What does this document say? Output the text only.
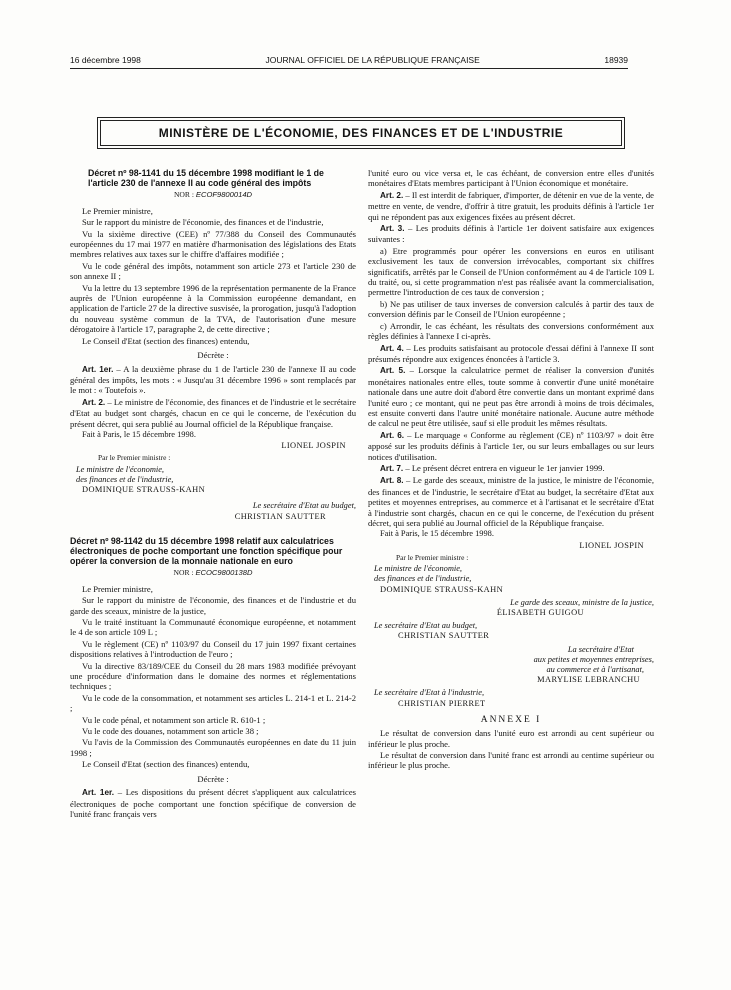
16 décembre 1998	JOURNAL OFFICIEL DE LA RÉPUBLIQUE FRANÇAISE	18939
MINISTÈRE DE L'ÉCONOMIE, DES FINANCES ET DE L'INDUSTRIE
Décret nº 98-1141 du 15 décembre 1998 modifiant le 1 de l'article 230 de l'annexe II au code général des impôts
NOR : ECOF9800014D

Le Premier ministre,

Sur le rapport du ministre de l'économie, des finances et de l'industrie,

Vu la sixième directive (CEE) nº 77/388 du Conseil des Communautés européennes du 17 mai 1977 en matière d'harmonisation des législations des Etats membres relatives aux taxes sur le chiffre d'affaires modifiée ;

Vu le code général des impôts, notamment son article 273 et l'article 230 de son annexe II ;

Vu la lettre du 13 septembre 1996 de la représentation permanente de la France auprès de l'Union européenne à la Commission européenne demandant, en application de l'article 27 de la directive susvisée, la prorogation, jusqu'à l'adoption du nouveau système commun de la TVA, de l'autorisation d'une mesure dérogatoire à l'article 17, paragraphe 2, de cette directive ;

Le Conseil d'Etat (section des finances) entendu,

Décrète :

Art. 1er. – A la deuxième phrase du 1 de l'article 230 de l'annexe II au code général des impôts, les mots : « Jusqu'au 31 décembre 1996 » sont remplacés par le mot : « Toutefois ».

Art. 2. – Le ministre de l'économie, des finances et de l'industrie et le secrétaire d'Etat au budget sont chargés, chacun en ce qui le concerne, de l'exécution du présent décret, qui sera publié au Journal officiel de la République française.

Fait à Paris, le 15 décembre 1998.

LIONEL JOSPIN
Par le Premier ministre :
Le ministre de l'économie,
des finances et de l'industrie,
DOMINIQUE STRAUSS-KAHN
Le secrétaire d'Etat au budget,
CHRISTIAN SAUTTER
Décret nº 98-1142 du 15 décembre 1998 relatif aux calculatrices électroniques de poche comportant une fonction spécifique pour opérer la conversion de la monnaie nationale en euro
NOR : ECOC9800138D

Le Premier ministre,

Sur le rapport du ministre de l'économie, des finances et de l'industrie et du garde des sceaux, ministre de la justice,

Vu le traité instituant la Communauté économique européenne, et notamment le 4 de son article 109 L ;

Vu le règlement (CE) nº 1103/97 du Conseil du 17 juin 1997 fixant certaines dispositions relatives à l'introduction de l'euro ;

Vu la directive 83/189/CEE du Conseil du 28 mars 1983 modifiée prévoyant une procédure d'information dans le domaine des normes et réglementations techniques ;

Vu le code de la consommation, et notamment ses articles L. 214-1 et L. 214-2 ;

Vu le code pénal, et notamment son article R. 610-1 ;

Vu le code des douanes, notamment son article 38 ;

Vu l'avis de la Commission des Communautés européennes en date du 11 juin 1998 ;

Le Conseil d'Etat (section des finances) entendu,

Décrète :

Art. 1er. – Les dispositions du présent décret s'appliquent aux calculatrices électroniques de poche comportant une fonction spécifique de conversion de l'unité franc français vers

l'unité euro ou vice versa et, le cas échéant, de conversion entre elles d'unités monétaires d'Etats membres participant à l'Union économique et monétaire.

Art. 2. – Il est interdit de fabriquer, d'importer, de détenir en vue de la vente, de mettre en vente, de vendre, d'offrir à titre gratuit, les produits définis à l'article 1er qui ne répondent pas aux exigences fixées au présent décret.

Art. 3. – Les produits définis à l'article 1er doivent satisfaire aux exigences suivantes :

a) Etre programmés pour opérer les conversions en euros en utilisant exclusivement les taux de conversion irrévocables, comportant six chiffres significatifs, arrêtés par le Conseil de l'Union conformément au 4 de l'article 109 L du traité, ou, si cette programmation n'est pas réalisée avant la commercialisation, permettre l'introduction de ces taux de conversion ;

b) Ne pas utiliser de taux inverses de conversion calculés à partir des taux de conversion définis par le Conseil de l'Union européenne ;

c) Arrondir, le cas échéant, les résultats des conversions conformément aux règles définies à l'annexe I ci-après.

Art. 4. – Les produits satisfaisant au protocole d'essai défini à l'annexe II sont présumés répondre aux exigences énoncées à l'article 3.

Art. 5. – Lorsque la calculatrice permet de réaliser la conversion d'unités monétaires nationales entre elles, toute somme à convertir d'une unité monétaire nationale dans une autre doit d'abord être convertie dans un montant exprimé dans l'unité euro ; ce montant, qui ne peut pas être arrondi à moins de trois décimales, est ensuite converti dans l'autre unité monétaire nationale. Aucune autre méthode de calcul ne peut être utilisée, sauf si elle produit les mêmes résultats.

Art. 6. – Le marquage « Conforme au règlement (CE) nº 1103/97 » doit être apposé sur les produits définis à l'article 1er, ou sur leurs emballages ou sur leurs notices d'utilisation.

Art. 7. – Le présent décret entrera en vigueur le 1er janvier 1999.

Art. 8. – Le garde des sceaux, ministre de la justice, le ministre de l'économie, des finances et de l'industrie, le secrétaire d'Etat au budget, la secrétaire d'Etat aux petites et moyennes entreprises, au commerce et à l'artisanat et le secrétaire d'Etat à l'industrie sont chargés, chacun en ce qui le concerne, de l'exécution du présent décret, qui sera publié au Journal officiel de la République française.

Fait à Paris, le 15 décembre 1998.

LIONEL JOSPIN
Par le Premier ministre :
Le ministre de l'économie,
des finances et de l'industrie,
DOMINIQUE STRAUSS-KAHN
Le garde des sceaux, ministre de la justice,
ÉLISABETH GUIGOU
Le secrétaire d'Etat au budget,
CHRISTIAN SAUTTER
La secrétaire d'Etat
aux petites et moyennes entreprises,
au commerce et à l'artisanat,
MARYLISE LEBRANCHU
Le secrétaire d'Etat à l'industrie,
CHRISTIAN PIERRET
ANNEXE I

Le résultat de conversion dans l'unité euro est arrondi au cent supérieur ou inférieur le plus proche.

Le résultat de conversion dans l'unité franc est arrondi au centime supérieur ou inférieur le plus proche.
